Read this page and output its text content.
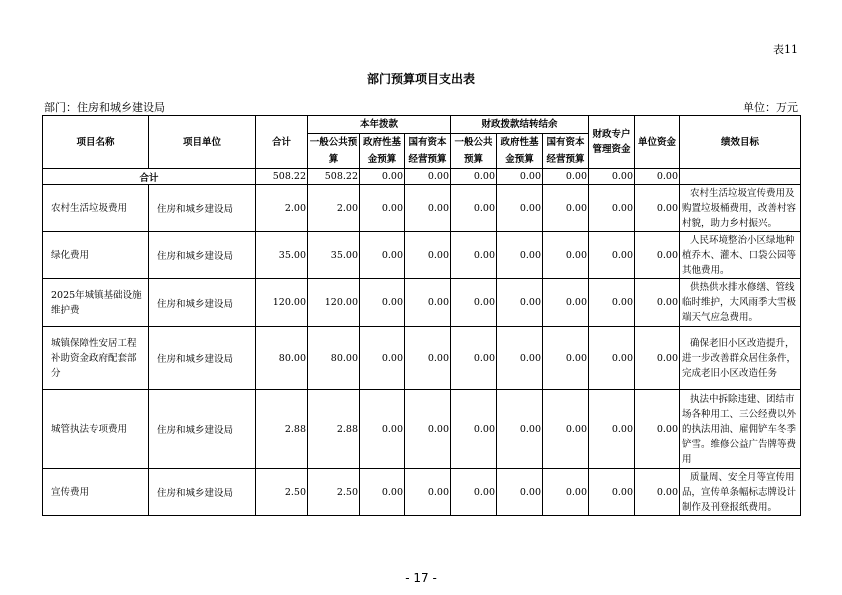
表11
部门预算项目支出表
部门：住房和城乡建设局	单位：万元
项目名称	项目单位	合计	本年拨款			财政拨款结转结余			财政专户管理资金	单位资金	绩效目标
			一般公共预算	政府性基金预算	国有资本经营预算	一般公共预算	政府性基金预算	国有资本经营预算			
合计		508.22	508.22	0.00	0.00	0.00	0.00	0.00	0.00	0.00	
农村生活垃圾费用	住房和城乡建设局	2.00	2.00	0.00	0.00	0.00	0.00	0.00	0.00	0.00	农村生活垃圾宣传费用及购置垃圾桶费用，改善村容村貌，助力乡村振兴。
绿化费用	住房和城乡建设局	35.00	35.00	0.00	0.00	0.00	0.00	0.00	0.00	0.00	人民环境整治小区绿地种植乔木、灌木、口袋公园等其他费用。
2025年城镇基础设施维护费	住房和城乡建设局	120.00	120.00	0.00	0.00	0.00	0.00	0.00	0.00	0.00	供热供水排水修缮、管线临时维护，大风雨季大雪极端天气应急费用。
城镇保障性安居工程补助资金政府配套部分	住房和城乡建设局	80.00	80.00	0.00	0.00	0.00	0.00	0.00	0.00	0.00	确保老旧小区改造提升，进一步改善群众居住条件，完成老旧小区改造任务
城管执法专项费用	住房和城乡建设局	2.88	2.88	0.00	0.00	0.00	0.00	0.00	0.00	0.00	执法中拆除违建、团结市场各种用工、三公经费以外的执法用油、雇佣铲车冬季铲雪。维修公益广告牌等费用
宣传费用	住房和城乡建设局	2.50	2.50	0.00	0.00	0.00	0.00	0.00	0.00	0.00	质量周、安全月等宣传用品，宣传单条幅标志牌设计制作及刊登报纸费用。
- 17 -
